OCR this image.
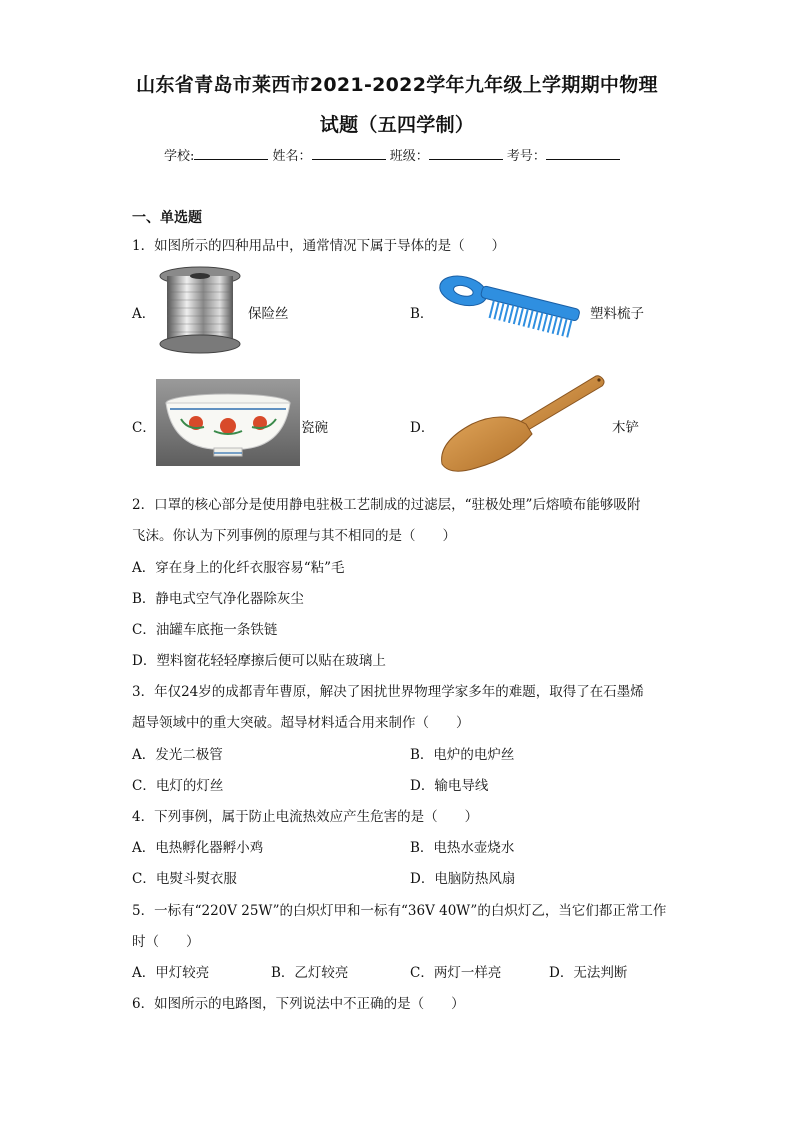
山东省青岛市莱西市2021-2022学年九年级上学期期中物理
试题（五四学制）
学校:	姓名：	班级：	考号：
一、单选题
1．如图所示的四种用品中，通常情况下属于导体的是（　　）
A．	保险丝	B．	塑料梳子
C．	瓷碗	D．	木铲
2．口罩的核心部分是使用静电驻极工艺制成的过滤层，“驻极处理”后熔喷布能够吸附
飞沫。你认为下列事例的原理与其不相同的是（　　）
A．穿在身上的化纤衣服容易“粘”毛
B．静电式空气净化器除灰尘
C．油罐车底拖一条铁链
D．塑料窗花轻轻摩擦后便可以贴在玻璃上
3．年仅24岁的成都青年曹原，解决了困扰世界物理学家多年的难题，取得了在石墨烯
超导领域中的重大突破。超导材料适合用来制作（　　）
A．发光二极管	B．电炉的电炉丝
C．电灯的灯丝	D．输电导线
4．下列事例，属于防止电流热效应产生危害的是（　　）
A．电热孵化器孵小鸡	B．电热水壶烧水
C．电熨斗熨衣服	D．电脑防热风扇
5．一标有“220V 25W”的白炽灯甲和一标有“36V 40W”的白炽灯乙，当它们都正常工作
时（　　）
A．甲灯较亮	B．乙灯较亮	C．两灯一样亮	D．无法判断
6．如图所示的电路图，下列说法中不正确的是（　　）
